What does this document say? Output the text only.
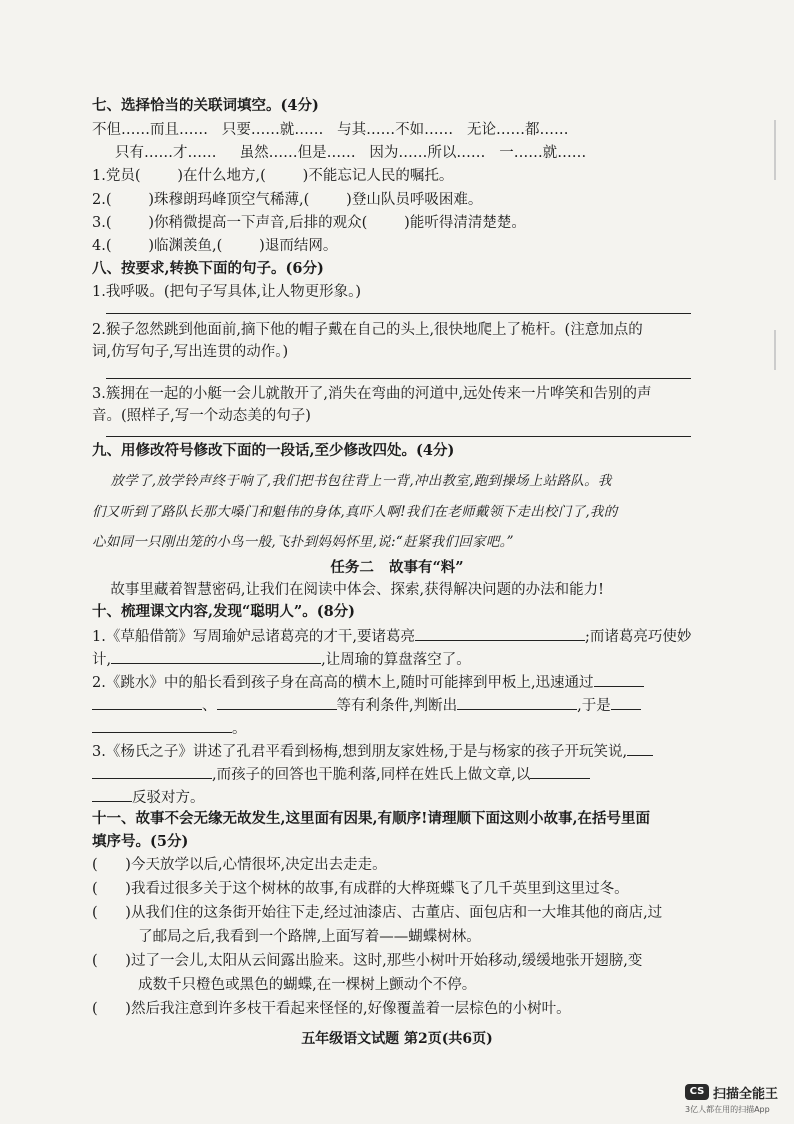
七、选择恰当的关联词填空。(4分)
不但……而且……   只要……就……   与其……不如……   无论……都……
只有……才……     虽然……但是……   因为……所以……   一……就……
1.党员(        )在什么地方,(        )不能忘记人民的嘱托。
2.(        )珠穆朗玛峰顶空气稀薄,(        )登山队员呼吸困难。
3.(        )你稍微提高一下声音,后排的观众(        )能听得清清楚楚。
4.(        )临渊羡鱼,(        )退而结网。
八、按要求,转换下面的句子。(6分)
1.我呼吸。(把句子写具体,让人物更形象。)
2.猴子忽然跳到他面前,摘下他的帽子戴在自己的头上,很快地爬上了桅杆。(注意加点的
词,仿写句子,写出连贯的动作。)
3.簇拥在一起的小艇一会儿就散开了,消失在弯曲的河道中,远处传来一片哗笑和告别的声
音。(照样子,写一个动态美的句子)
九、用修改符号修改下面的一段话,至少修改四处。(4分)
放学了,放学铃声终于响了,我们把书包往背上一背,冲出教室,跑到操场上站路队。我
们又听到了路队长那大嗓门和魁伟的身体,真吓人啊!我们在老师戴领下走出校门了,我的
心如同一只刚出笼的小鸟一般,飞扑到妈妈怀里,说:“赶紧我们回家吧。”
任务二   故事有“料”
故事里藏着智慧密码,让我们在阅读中体会、探索,获得解决问题的办法和能力!
十、梳理课文内容,发现“聪明人”。(8分)
1.《草船借箭》写周瑜妒忌诸葛亮的才干,要诸葛亮	;而诸葛亮巧使妙
计,	,让周瑜的算盘落空了。
2.《跳水》中的船长看到孩子身在高高的横木上,随时可能摔到甲板上,迅速通过
、	等有利条件,判断出	,于是
。
3.《杨氏之子》讲述了孔君平看到杨梅,想到朋友家姓杨,于是与杨家的孩子开玩笑说,
,而孩子的回答也干脆利落,同样在姓氏上做文章,以
反驳对方。
十一、故事不会无缘无故发生,这里面有因果,有顺序!请理顺下面这则小故事,在括号里面
填序号。(5分)
(      )今天放学以后,心情很坏,决定出去走走。
(      )我看过很多关于这个树林的故事,有成群的大桦斑蝶飞了几千英里到这里过冬。
(      )从我们住的这条街开始往下走,经过油漆店、古董店、面包店和一大堆其他的商店,过
了邮局之后,我看到一个路牌,上面写着——蝴蝶树林。
(      )过了一会儿,太阳从云间露出脸来。这时,那些小树叶开始移动,缓缓地张开翅膀,变
成数千只橙色或黑色的蝴蝶,在一棵树上颤动个不停。
(      )然后我注意到许多枝干看起来怪怪的,好像覆盖着一层棕色的小树叶。
五年级语文试题 第2页(共6页)
CS 扫描全能王
3亿人都在用的扫描App
